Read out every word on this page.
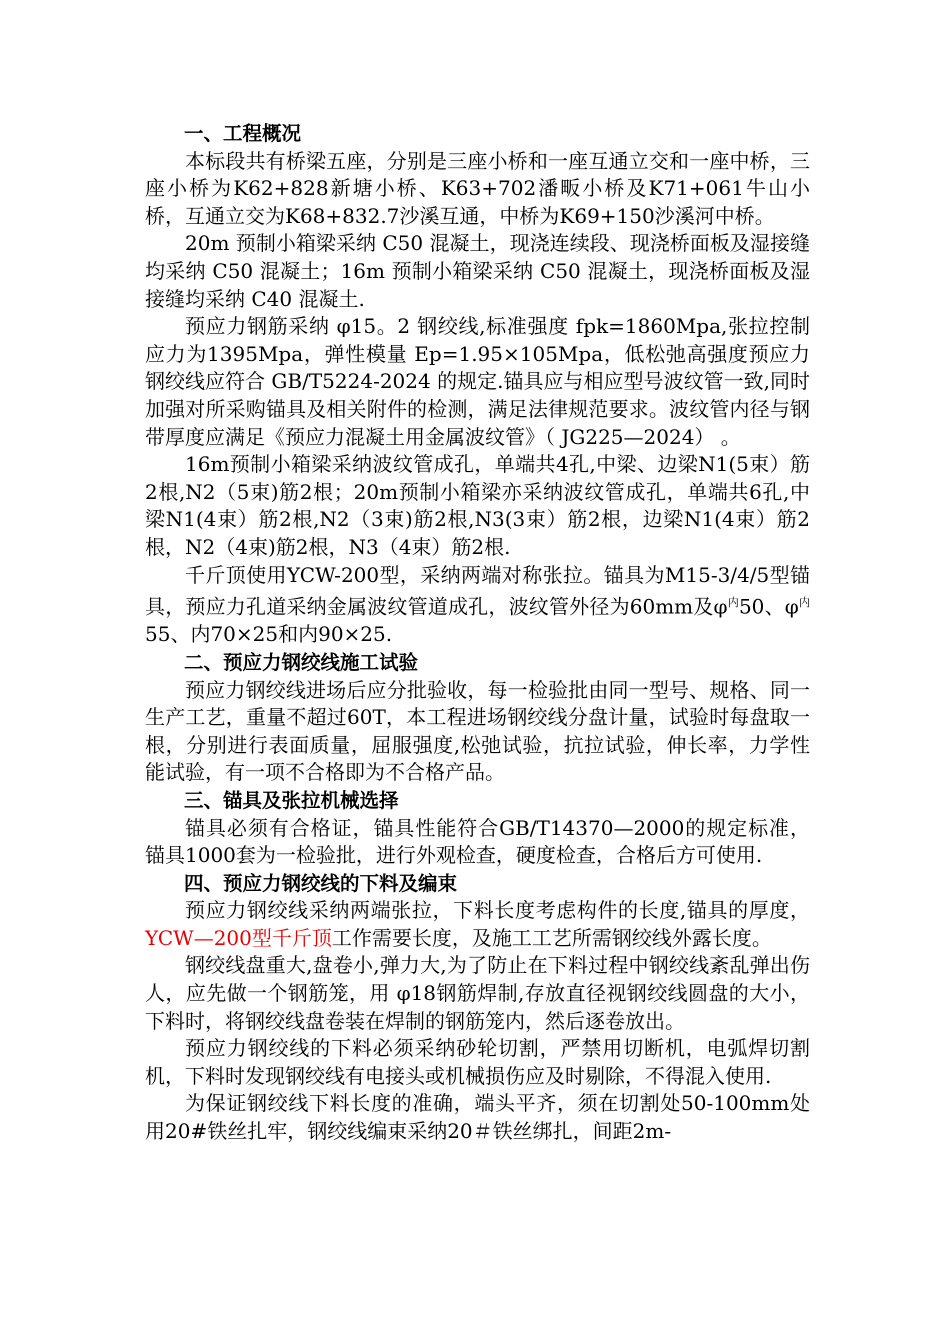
一、工程概况

本标段共有桥梁五座，分别是三座小桥和一座互通立交和一座中桥，三座小桥为K62+828新塘小桥、K63+702潘畈小桥及K71+061牛山小桥，互通立交为K68+832.7沙溪互通，中桥为K69+150沙溪河中桥。

20m 预制小箱梁采纳 C50 混凝土，现浇连续段、现浇桥面板及湿接缝均采纳 C50 混凝土；16m 预制小箱梁采纳 C50 混凝土，现浇桥面板及湿接缝均采纳 C40 混凝土.

预应力钢筋采纳 φ15。2 钢绞线,标准强度 fpk=1860Mpa,张拉控制应力为1395Mpa，弹性模量 Ep=1.95×105Mpa，低松弛高强度预应力钢绞线应符合 GB/T5224-2024 的规定.锚具应与相应型号波纹管一致,同时加强对所采购锚具及相关附件的检测，满足法律规范要求。波纹管内径与钢带厚度应满足《预应力混凝土用金属波纹管》（ JG225—2024） 。

16m预制小箱梁采纳波纹管成孔，单端共4孔,中梁、边梁N1(5束）筋2根,N2（5束)筋2根；20m预制小箱梁亦采纳波纹管成孔，单端共6孔,中梁N1(4束）筋2根,N2（3束)筋2根,N3(3束）筋2根，边梁N1(4束）筋2根，N2（4束)筋2根，N3（4束）筋2根.

千斤顶使用YCW-200型，采纳两端对称张拉。锚具为M15-3/4/5型锚具，预应力孔道采纳金属波纹管道成孔，波纹管外径为60mm及$\varphi^内50$、$\varphi^内55$、内70×25和内90×25.

二、预应力钢绞线施工试验

预应力钢绞线进场后应分批验收，每一检验批由同一型号、规格、同一生产工艺，重量不超过60T，本工程进场钢绞线分盘计量，试验时每盘取一根，分别进行表面质量，屈服强度,松弛试验，抗拉试验，伸长率，力学性能试验，有一项不合格即为不合格产品。

三、锚具及张拉机械选择

锚具必须有合格证，锚具性能符合GB/T14370—2000的规定标准，锚具1000套为一检验批，进行外观检查，硬度检查，合格后方可使用.

四、预应力钢绞线的下料及编束

预应力钢绞线采纳两端张拉，下料长度考虑构件的长度,锚具的厚度，YCW—200型千斤顶工作需要长度，及施工工艺所需钢绞线外露长度。

钢绞线盘重大,盘卷小,弹力大,为了防止在下料过程中钢绞线紊乱弹出伤人，应先做一个钢筋笼，用 φ18钢筋焊制,存放直径视钢绞线圆盘的大小，下料时，将钢绞线盘卷装在焊制的钢筋笼内，然后逐卷放出。

预应力钢绞线的下料必须采纳砂轮切割，严禁用切断机，电弧焊切割机，下料时发现钢绞线有电接头或机械损伤应及时剔除，不得混入使用.

为保证钢绞线下料长度的准确，端头平齐，须在切割处50-100mm处用20#铁丝扎牢，钢绞线编束采纳20＃铁丝绑扎，间距2m-
